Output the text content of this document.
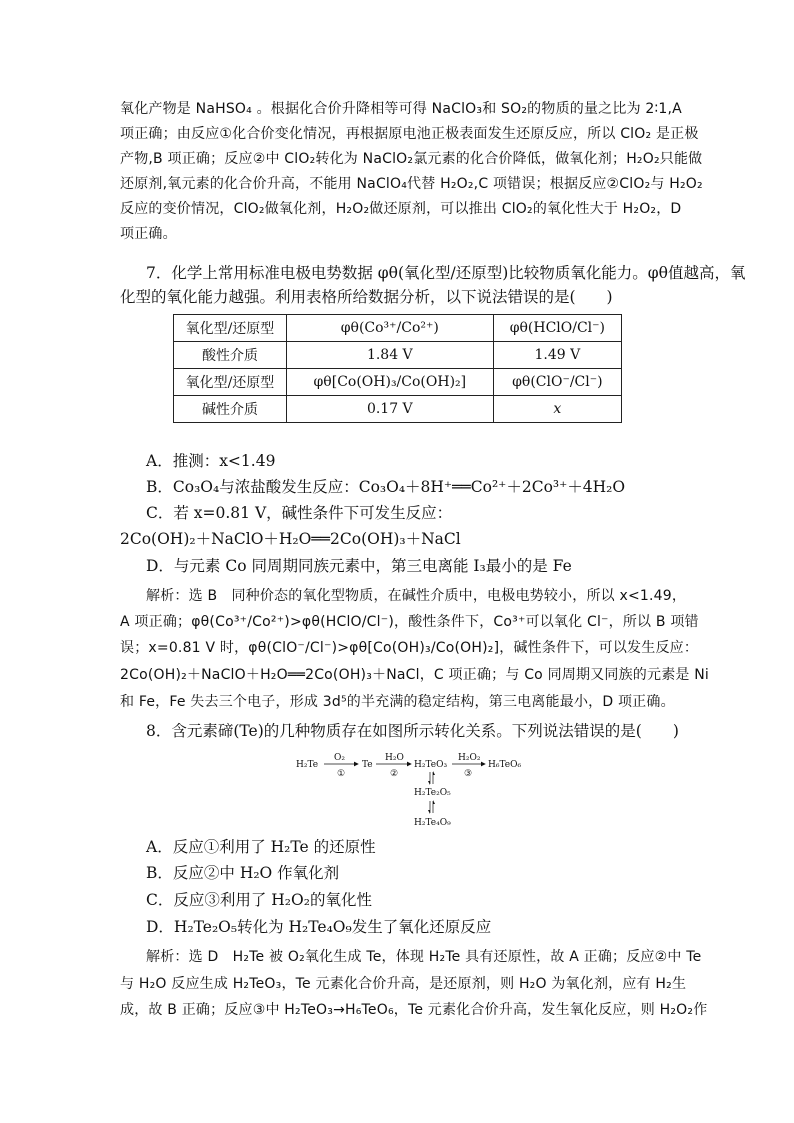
氧化产物是 NaHSO₄ 。根据化合价升降相等可得 NaClO₃和 SO₂的物质的量之比为 2∶1,A
项正确；由反应①化合价变化情况，再根据原电池正极表面发生还原反应，所以 ClO₂ 是正极
产物,B 项正确；反应②中 ClO₂转化为 NaClO₂氯元素的化合价降低，做氧化剂；H₂O₂只能做
还原剂,氧元素的化合价升高，不能用 NaClO₄代替 H₂O₂,C 项错误；根据反应②ClO₂与 H₂O₂
反应的变价情况，ClO₂做氧化剂，H₂O₂做还原剂，可以推出 ClO₂的氧化性大于 H₂O₂，D
项正确。
7．化学上常用标准电极电势数据 φθ(氧化型/还原型)比较物质氧化能力。φθ值越高，氧
化型的氧化能力越强。利用表格所给数据分析，以下说法错误的是(　　)
氧化型/还原型	φθ(Co³⁺/Co²⁺)	φθ(HClO/Cl⁻)
酸性介质	1.84 V	1.49 V
氧化型/还原型	φθ[Co(OH)₃/Co(OH)₂]	φθ(ClO⁻/Cl⁻)
碱性介质	0.17 V	x
A．推测：x<1.49
B．Co₃O₄与浓盐酸发生反应：Co₃O₄＋8H⁺══Co²⁺＋2Co³⁺＋4H₂O
C．若 x=0.81 V，碱性条件下可发生反应：
2Co(OH)₂＋NaClO＋H₂O══2Co(OH)₃＋NaCl
D．与元素 Co 同周期同族元素中，第三电离能 I₃最小的是 Fe
解析：选 B　同种价态的氧化型物质，在碱性介质中，电极电势较小，所以 x<1.49，
A 项正确；φθ(Co³⁺/Co²⁺)>φθ(HClO/Cl⁻)，酸性条件下，Co³⁺可以氧化 Cl⁻，所以 B 项错
误；x=0.81 V 时，φθ(ClO⁻/Cl⁻)>φθ[Co(OH)₃/Co(OH)₂]，碱性条件下，可以发生反应：
2Co(OH)₂＋NaClO＋H₂O══2Co(OH)₃＋NaCl，C 项正确；与 Co 同周期又同族的元素是 Ni
和 Fe，Fe 失去三个电子，形成 3d⁵的半充满的稳定结构，第三电离能最小，D 项正确。
8．含元素碲(Te)的几种物质存在如图所示转化关系。下列说法错误的是(　　)
H₂Te
O₂
①
Te
H₂O
②
H₂TeO₃
H₂O₂
③
H₆TeO₆
H₂Te₂O₅
H₂Te₄O₉
A．反应①利用了 H₂Te 的还原性
B．反应②中 H₂O 作氧化剂
C．反应③利用了 H₂O₂的氧化性
D．H₂Te₂O₅转化为 H₂Te₄O₉发生了氧化还原反应
解析：选 D　H₂Te 被 O₂氧化生成 Te，体现 H₂Te 具有还原性，故 A 正确；反应②中 Te
与 H₂O 反应生成 H₂TeO₃，Te 元素化合价升高，是还原剂，则 H₂O 为氧化剂，应有 H₂生
成，故 B 正确；反应③中 H₂TeO₃→H₆TeO₆，Te 元素化合价升高，发生氧化反应，则 H₂O₂作
